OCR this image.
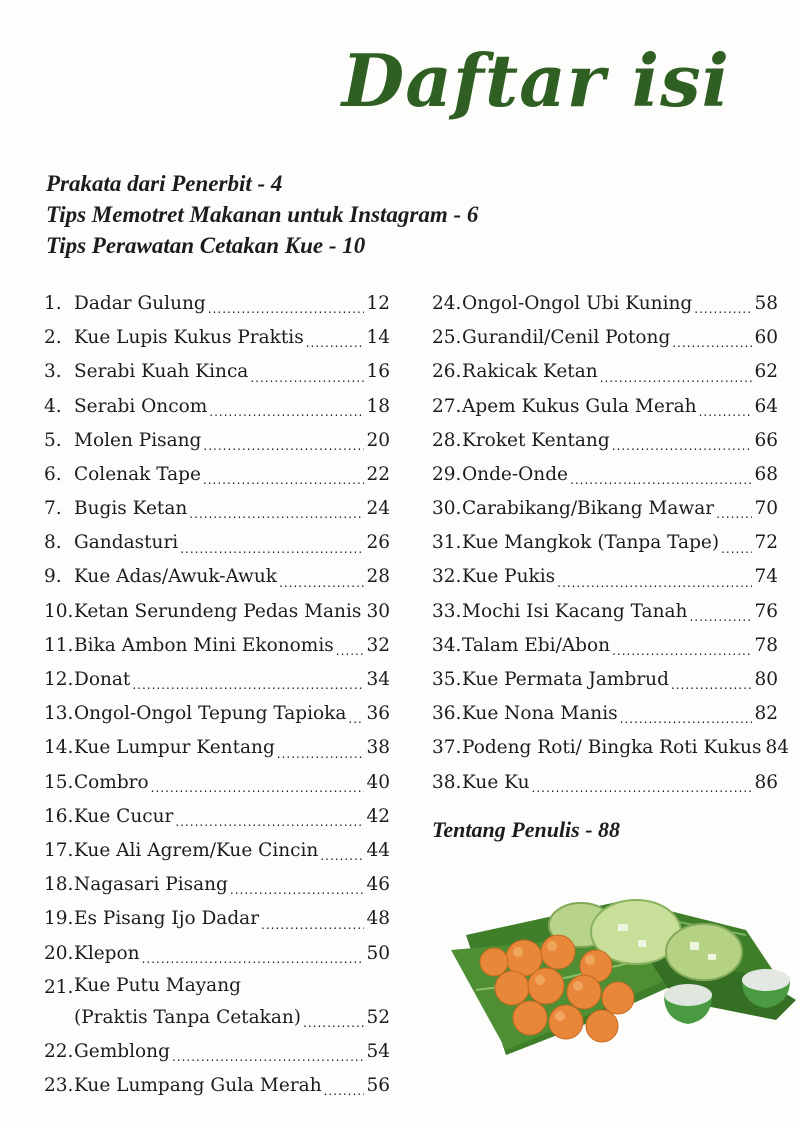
Daftar isi
Prakata dari Penerbit - 4
Tips Memotret Makanan untuk Instagram - 6
Tips Perawatan Cetakan Kue - 10
1. Dadar Gulung .....	12
2. Kue Lupis Kukus Praktis .....	14
3. Serabi Kuah Kinca .....	16
4. Serabi Oncom .....	18
5. Molen Pisang .....	20
6. Colenak Tape .....	22
7. Bugis Ketan .....	24
8. Gandasturi .....	26
9. Kue Adas/Awuk-Awuk .....	28
10. Ketan Serundeng Pedas Manis ..... 30
11. Bika Ambon Mini Ekonomis ..... 32
12. Donat .....	34
13. Ongol-Ongol Tepung Tapioka ..... 36
14. Kue Lumpur Kentang .....	38
15. Combro .....	40
16. Kue Cucur .....	42
17. Kue Ali Agrem/Kue Cincin .....	44
18. Nagasari Pisang .....	46
19. Es Pisang Ijo Dadar .....	48
20. Klepon .....	50
21. Kue Putu Mayang
(Praktis Tanpa Cetakan) .....	52
22. Gemblong .....	54
23. Kue Lumpang Gula Merah ..... 56
24. Ongol-Ongol Ubi Kuning .....	58
25. Gurandil/Cenil Potong .....	60
26. Rakicak Ketan .....	62
27. Apem Kukus Gula Merah .....	64
28. Kroket Kentang .....	66
29. Onde-Onde .....	68
30. Carabikang/Bikang Mawar ..... 70
31. Kue Mangkok (Tanpa Tape) ..... 72
32. Kue Pukis .....	74
33. Mochi Isi Kacang Tanah .....	76
34. Talam Ebi/Abon .....	78
35. Kue Permata Jambrud .....	80
36. Kue Nona Manis .....	82
37. Podeng Roti/ Bingka Roti Kukus 84
38. Kue Ku .....	86
Tentang Penulis - 88
